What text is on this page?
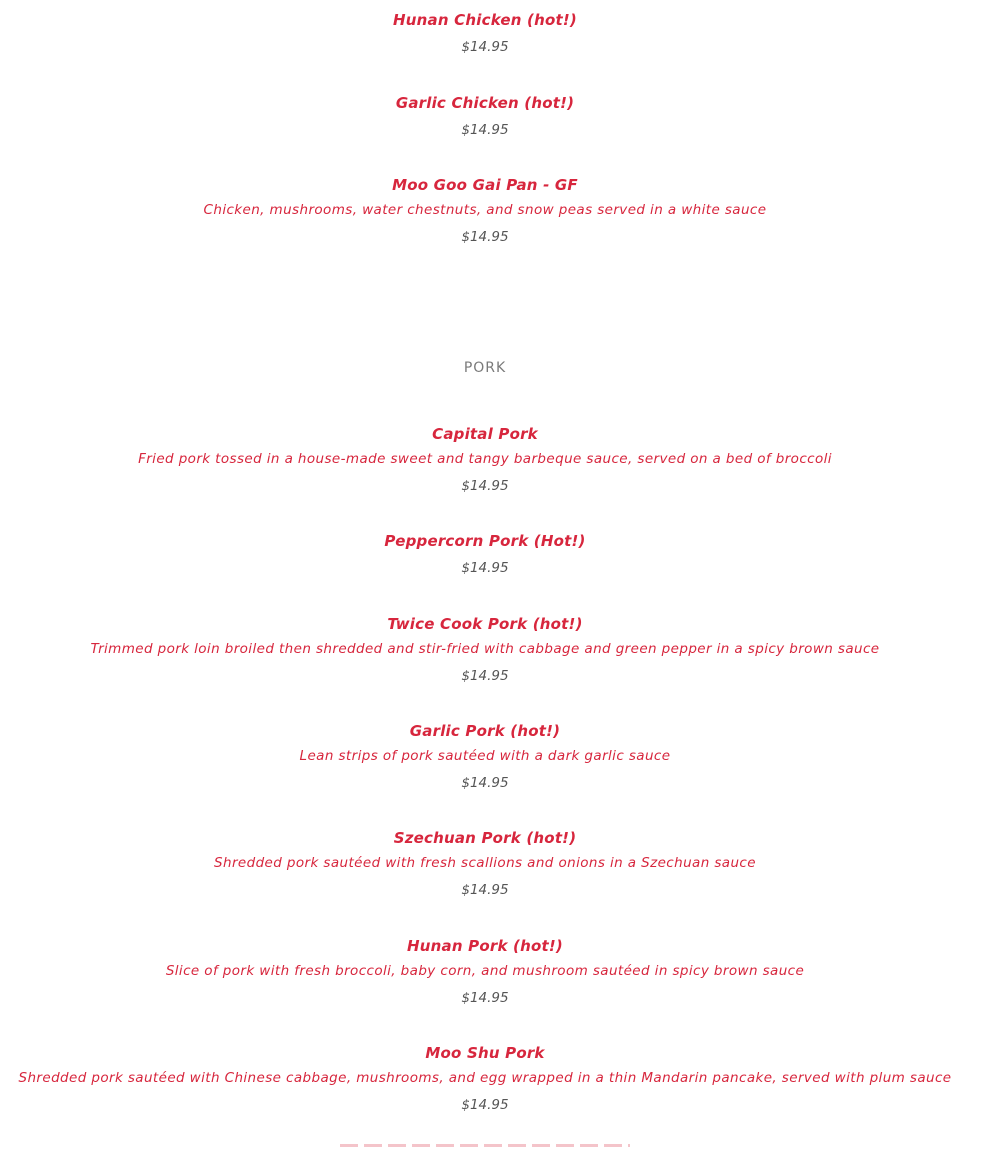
Hunan Chicken (hot!)
$14.95
Garlic Chicken (hot!)
$14.95
Moo Goo Gai Pan - GF
Chicken, mushrooms, water chestnuts, and snow peas served in a white sauce
$14.95
PORK
Capital Pork
Fried pork tossed in a house-made sweet and tangy barbeque sauce, served on a bed of broccoli
$14.95
Peppercorn Pork (Hot!)
$14.95
Twice Cook Pork (hot!)
Trimmed pork loin broiled then shredded and stir-fried with cabbage and green pepper in a spicy brown sauce
$14.95
Garlic Pork (hot!)
Lean strips of pork sautéed with a dark garlic sauce
$14.95
Szechuan Pork (hot!)
Shredded pork sautéed with fresh scallions and onions in a Szechuan sauce
$14.95
Hunan Pork (hot!)
Slice of pork with fresh broccoli, baby corn, and mushroom sautéed in spicy brown sauce
$14.95
Moo Shu Pork
Shredded pork sautéed with Chinese cabbage, mushrooms, and egg wrapped in a thin Mandarin pancake, served with plum sauce
$14.95
